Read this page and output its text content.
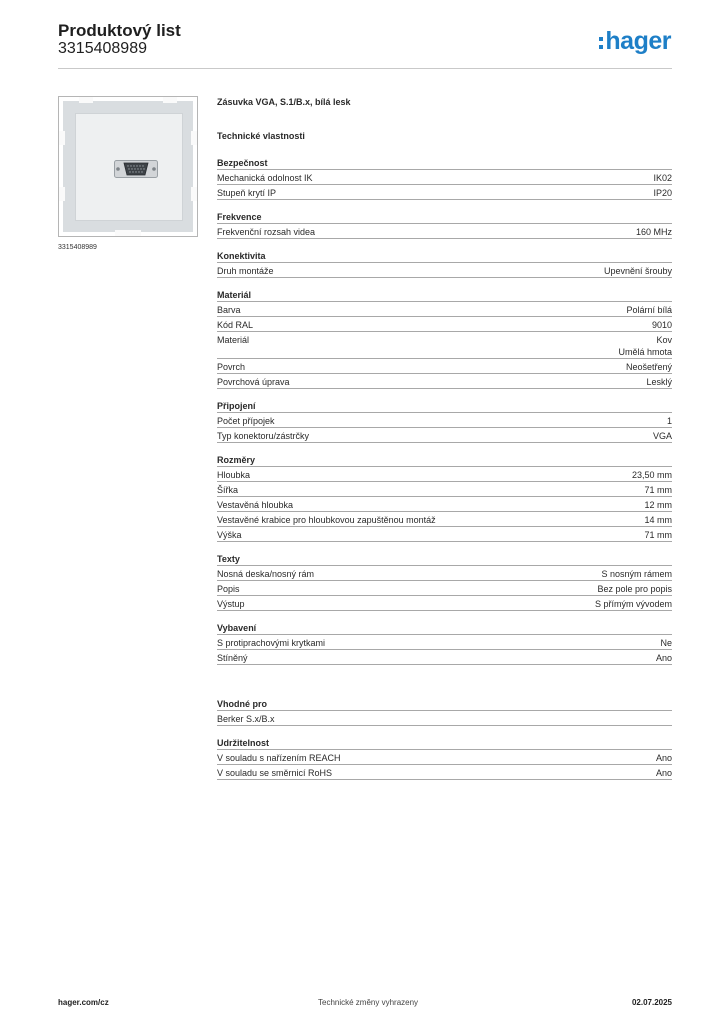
Produktový list
3315408989	hager
3315408989
Zásuvka VGA, S.1/B.x, bílá lesk
Technické vlastnosti
Bezpečnost
Mechanická odolnost IK	IK02
Stupeň krytí IP	IP20
Frekvence
Frekvenční rozsah videa	160 MHz
Konektivita
Druh montáže	Upevnění šrouby
Materiál
Barva	Polární bílá
Kód RAL	9010
Materiál	Kov
Umělá hmota
Povrch	Neošetřený
Povrchová úprava	Lesklý
Připojení
Počet přípojek	1
Typ konektoru/zástrčky	VGA
Rozměry
Hloubka	23,50 mm
Šířka	71 mm
Vestavěná hloubka	12 mm
Vestavěné krabice pro hloubkovou zapuštěnou montáž	14 mm
Výška	71 mm
Texty
Nosná deska/nosný rám	S nosným rámem
Popis	Bez pole pro popis
Výstup	S přímým vývodem
Vybavení
S protiprachovými krytkami	Ne
Stíněný	Ano
Vhodné pro
Berker S.x/B.x
Udržitelnost
V souladu s nařízením REACH	Ano
V souladu se směrnicí RoHS	Ano
hager.com/cz	Technické změny vyhrazeny	02.07.2025
